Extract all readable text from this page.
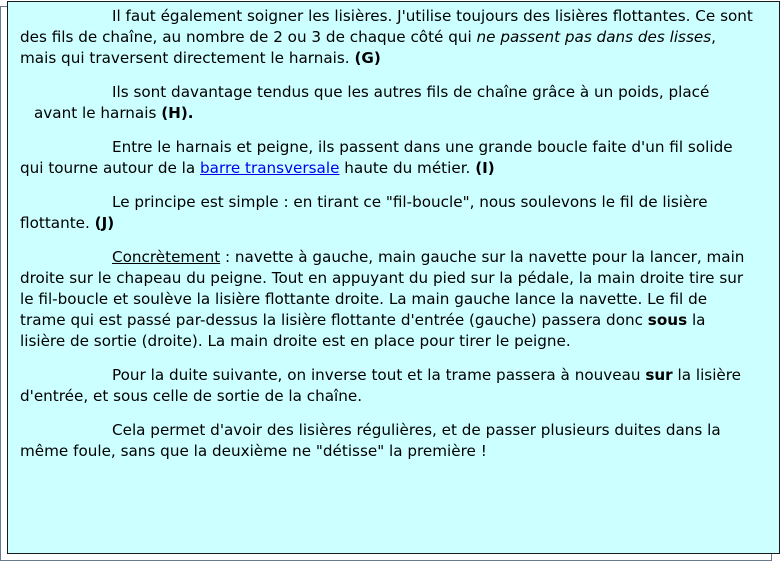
Il faut également soigner les lisières. J'utilise toujours des lisières flottantes. Ce sont des fils de chaîne, au nombre de 2 ou 3 de chaque côté qui ne passent pas dans des lisses, mais qui traversent directement le harnais. (G)

Ils sont davantage tendus que les autres fils de chaîne grâce à un poids, placé avant le harnais (H).

Entre le harnais et peigne, ils passent dans une grande boucle faite d'un fil solide qui tourne autour de la barre transversale haute du métier. (I)

Le principe est simple : en tirant ce "fil-boucle", nous soulevons le fil de lisière flottante. (J)

Concrètement : navette à gauche, main gauche sur la navette pour la lancer, main droite sur le chapeau du peigne. Tout en appuyant du pied sur la pédale, la main droite tire sur le fil-boucle et soulève la lisière flottante droite. La main gauche lance la navette. Le fil de trame qui est passé par-dessus la lisière flottante d'entrée (gauche) passera donc sous la lisière de sortie (droite). La main droite est en place pour tirer le peigne.

Pour la duite suivante, on inverse tout et la trame passera à nouveau sur la lisière d'entrée, et sous celle de sortie de la chaîne.

Cela permet d'avoir des lisières régulières, et de passer plusieurs duites dans la même foule, sans que la deuxième ne "détisse" la première !
